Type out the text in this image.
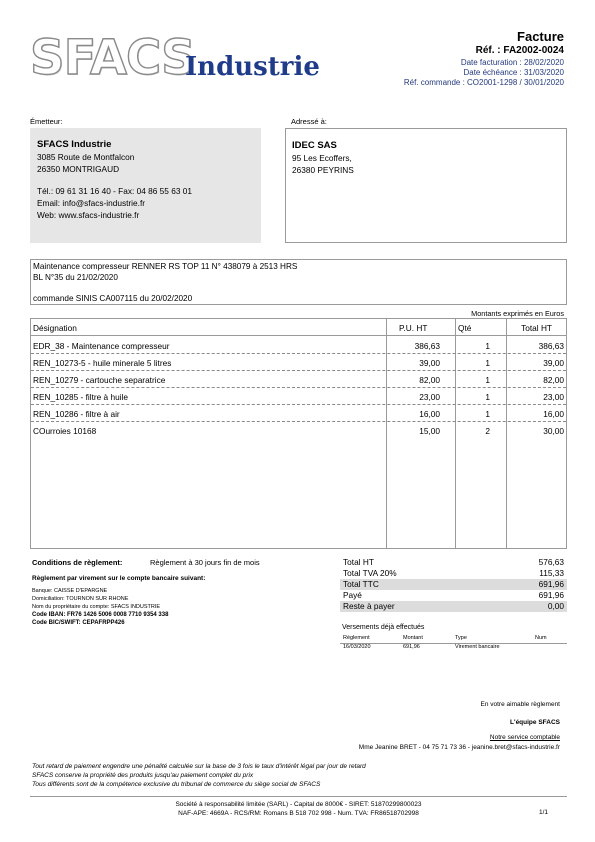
SFACS
Industrie
Facture
Réf. : FA2002-0024
Date facturation : 28/02/2020
Date échéance : 31/03/2020
Réf. commande : CO2001-1298 / 30/01/2020
Émetteur:
SFACS Industrie
3085 Route de Montfalcon
26350 MONTRIGAUD
Tél.: 09 61 31 16 40 - Fax: 04 86 55 63 01
Email: info@sfacs-industrie.fr
Web: www.sfacs-industrie.fr
Adressé à:
IDEC SAS
95 Les Ecoffers,
26380 PEYRINS
Maintenance compresseur RENNER RS TOP 11 N° 438079 à 2513 HRS
BL N°35 du 21/02/2020
commande SINIS CA007115 du 20/02/2020
Montants exprimés en Euros
Désignation	P.U. HT	Qté	Total HT
EDR_38 - Maintenance compresseur	386,63	1	386,63
REN_10273-5 - huile minerale 5 litres	39,00	1	39,00
REN_10279 - cartouche separatrice	82,00	1	82,00
REN_10285 - filtre à huile	23,00	1	23,00
REN_10286 - filtre à air	16,00	1	16,00
COurroies 10168	15,00	2	30,00
Conditions de règlement:	Règlement à 30 jours fin de mois
Règlement par virement sur le compte bancaire suivant:
Banque: CAISSE D'EPARGNE
Domiciliation: TOURNON SUR RHONE
Nom du propriétaire du compte: SFACS INDUSTRIE
Code IBAN: FR76 1426 5006 0008 7710 9354 338
Code BIC/SWIFT: CEPAFRPP426
Total HT	576,63
Total TVA 20%	115,33
Total TTC	691,96
Payé	691,96
Reste à payer	0,00
Versements déjà effectués
Règlement	Montant	Type	Num
16/03/2020	691,96	Virement bancaire
En votre aimable règlement
L'équipe SFACS
Notre service comptable
Mme Jeanine BRET - 04 75 71 73 36 - jeanine.bret@sfacs-industrie.fr
Tout retard de paiement engendre une pénalité calculée sur la base de 3 fois le taux d'intérêt légal par jour de retard
SFACS conserve la propriété des produits jusqu'au paiement complet du prix
Tous différents sont de la compétence exclusive du tribunal de commerce du siège social de SFACS
Société à responsabilité limitée (SARL) - Capital de 8000€ - SIRET: 51870299800023
NAF-APE: 4669A - RCS/RM: Romans B 518 702 998 - Num. TVA: FR86518702998	1/1
